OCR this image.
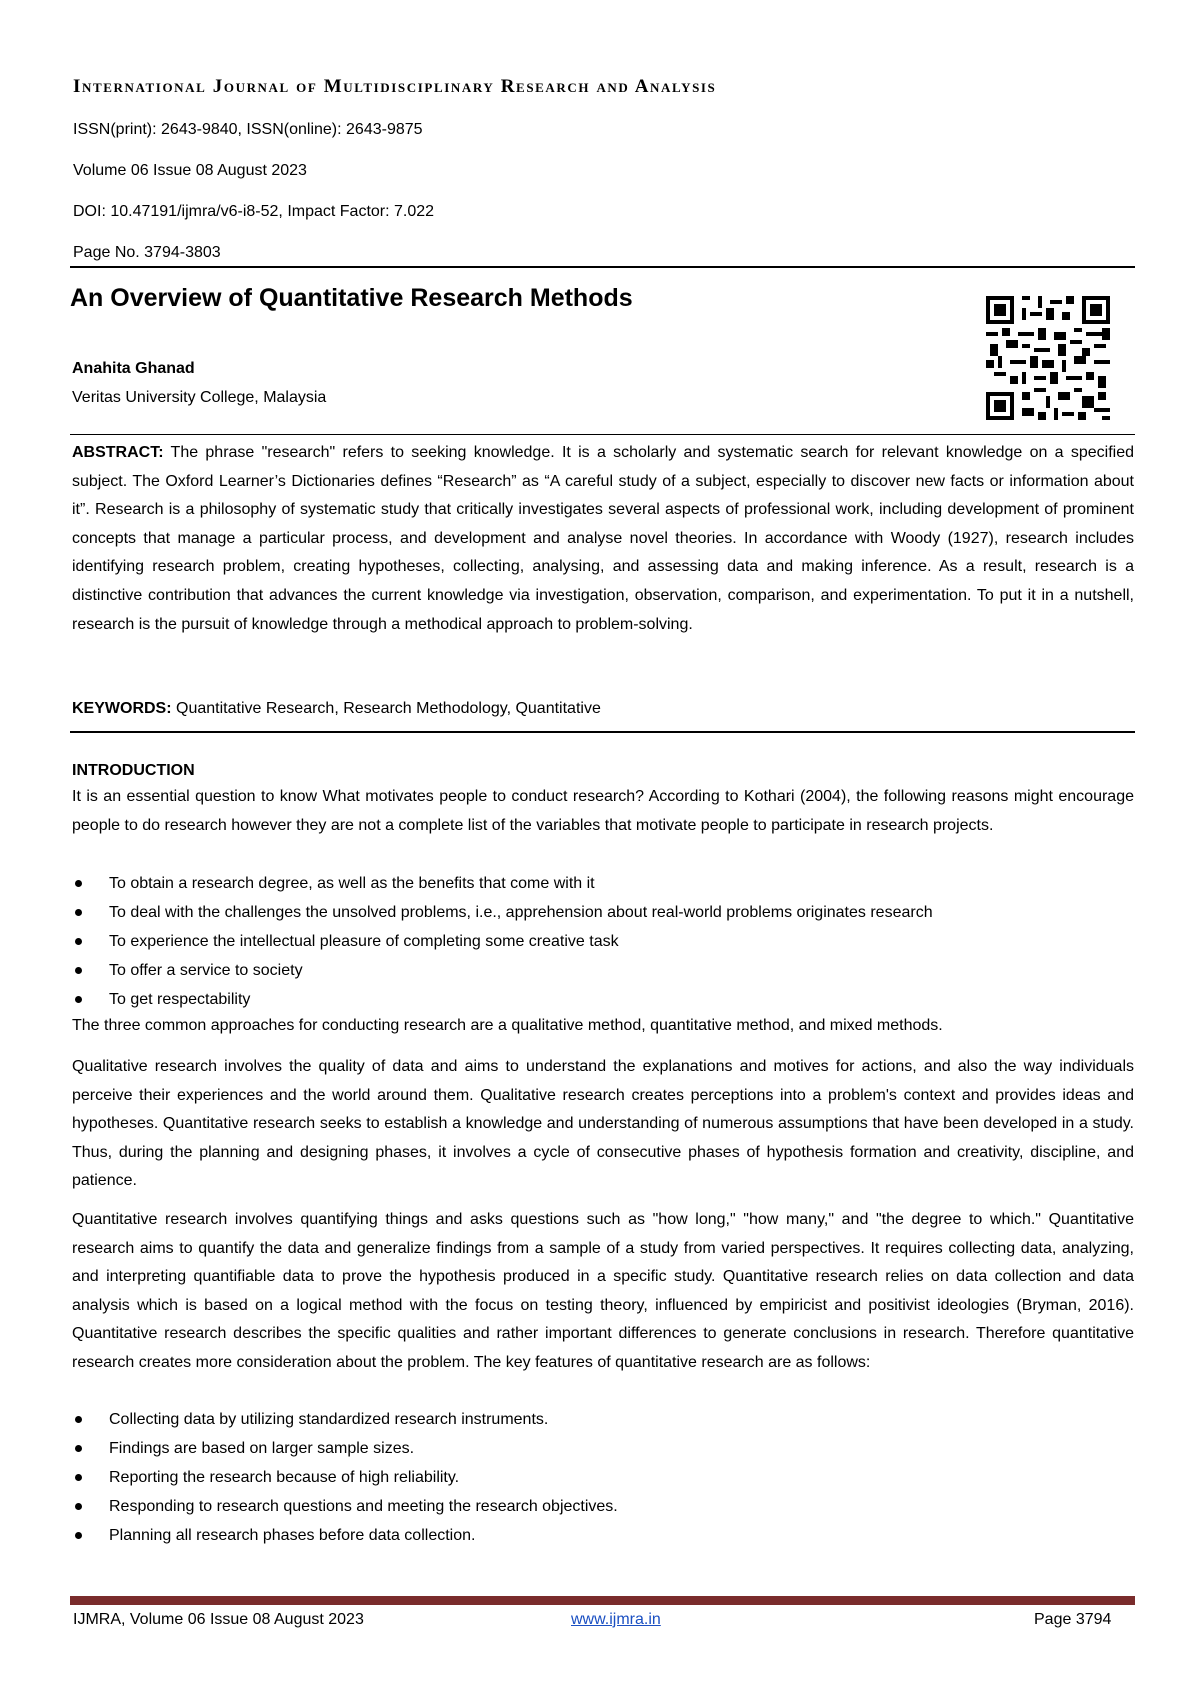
International Journal of Multidisciplinary Research and Analysis
ISSN(print): 2643-9840, ISSN(online): 2643-9875
Volume 06 Issue 08 August 2023
DOI: 10.47191/ijmra/v6-i8-52, Impact Factor: 7.022
Page No. 3794-3803
An Overview of Quantitative Research Methods
Anahita Ghanad
Veritas University College, Malaysia
ABSTRACT: The phrase "research" refers to seeking knowledge. It is a scholarly and systematic search for relevant knowledge on a specified subject. The Oxford Learner’s Dictionaries defines “Research” as “A careful study of a subject, especially to discover new facts or information about it”. Research is a philosophy of systematic study that critically investigates several aspects of professional work, including development of prominent concepts that manage a particular process, and development and analyse novel theories. In accordance with Woody (1927), research includes identifying research problem, creating hypotheses, collecting, analysing, and assessing data and making inference. As a result, research is a distinctive contribution that advances the current knowledge via investigation, observation, comparison, and experimentation. To put it in a nutshell, research is the pursuit of knowledge through a methodical approach to problem-solving.
KEYWORDS: Quantitative Research, Research Methodology, Quantitative
INTRODUCTION
It is an essential question to know What motivates people to conduct research? According to Kothari (2004), the following reasons might encourage people to do research however they are not a complete list of the variables that motivate people to participate in research projects.
To obtain a research degree, as well as the benefits that come with it
To deal with the challenges the unsolved problems, i.e., apprehension about real-world problems originates research
To experience the intellectual pleasure of completing some creative task
To offer a service to society
To get respectability
The three common approaches for conducting research are a qualitative method, quantitative method, and mixed methods.
Qualitative research involves the quality of data and aims to understand the explanations and motives for actions, and also the way individuals perceive their experiences and the world around them. Qualitative research creates perceptions into a problem's context and provides ideas and hypotheses. Quantitative research seeks to establish a knowledge and understanding of numerous assumptions that have been developed in a study. Thus, during the planning and designing phases, it involves a cycle of consecutive phases of hypothesis formation and creativity, discipline, and patience.
Quantitative research involves quantifying things and asks questions such as "how long," "how many," and "the degree to which." Quantitative research aims to quantify the data and generalize findings from a sample of a study from varied perspectives. It requires collecting data, analyzing, and interpreting quantifiable data to prove the hypothesis produced in a specific study. Quantitative research relies on data collection and data analysis which is based on a logical method with the focus on testing theory, influenced by empiricist and positivist ideologies (Bryman, 2016). Quantitative research describes the specific qualities and rather important differences to generate conclusions in research. Therefore quantitative research creates more consideration about the problem. The key features of quantitative research are as follows:
Collecting data by utilizing standardized research instruments.
Findings are based on larger sample sizes.
Reporting the research because of high reliability.
Responding to research questions and meeting the research objectives.
Planning all research phases before data collection.
IJMRA, Volume 06 Issue 08 August 2023	www.ijmra.in	Page 3794
